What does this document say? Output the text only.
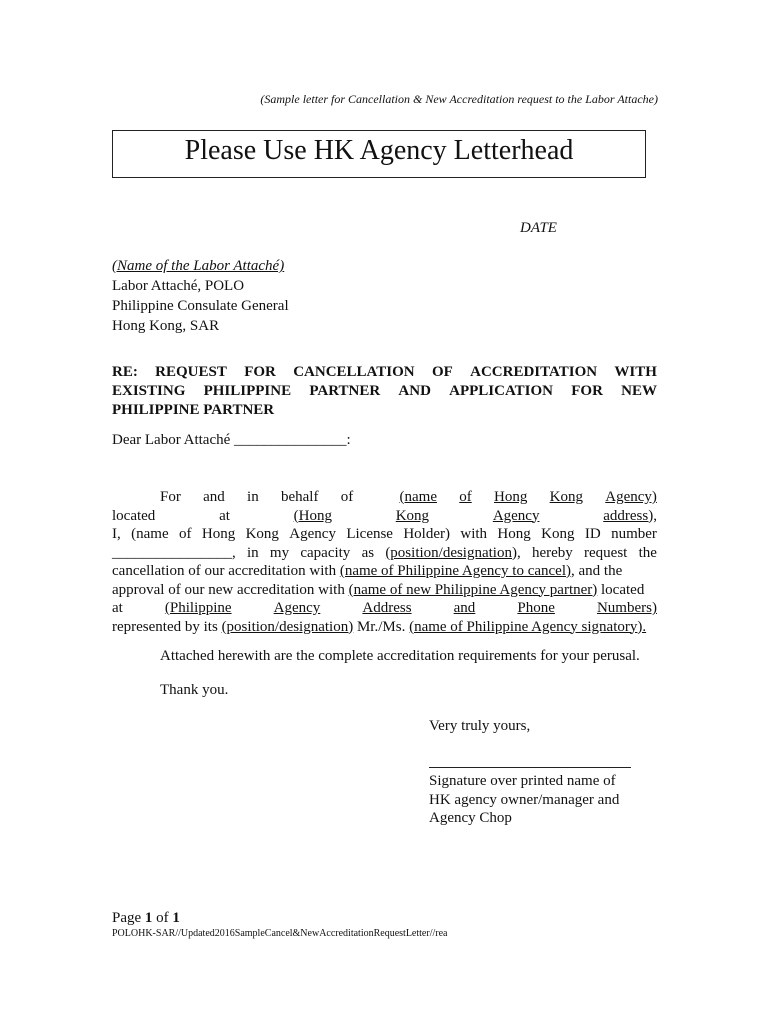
(Sample letter for Cancellation & New Accreditation request to the Labor Attache)
Please Use HK Agency Letterhead
DATE
(Name of the Labor Attaché)
Labor Attaché, POLO
Philippine Consulate General
Hong Kong, SAR
RE: REQUEST FOR CANCELLATION OF ACCREDITATION WITH
EXISTING PHILIPPINE PARTNER AND APPLICATION FOR NEW
PHILIPPINE PARTNER
Dear Labor Attaché _______________:
For and in behalf of	(name of Hong Kong Agency)
located	at	(Hong	Kong	Agency	address),
I, (name of Hong Kong Agency License Holder) with Hong Kong ID number
________________, in my capacity as (position/designation), hereby request the
cancellation of our accreditation with (name of Philippine Agency to cancel), and the
approval of our new accreditation with (name of new Philippine Agency partner) located
at	(Philippine	Agency	Address	and	Phone	Numbers)
represented by its (position/designation) Mr./Ms. (name of Philippine Agency signatory).
Attached herewith are the complete accreditation requirements for your perusal.
Thank you.
Very truly yours,
Signature over printed name of
HK agency owner/manager and
Agency Chop
Page 1 of 1
POLOHK-SAR//Updated2016SampleCancel&NewAccreditationRequestLetter//rea
